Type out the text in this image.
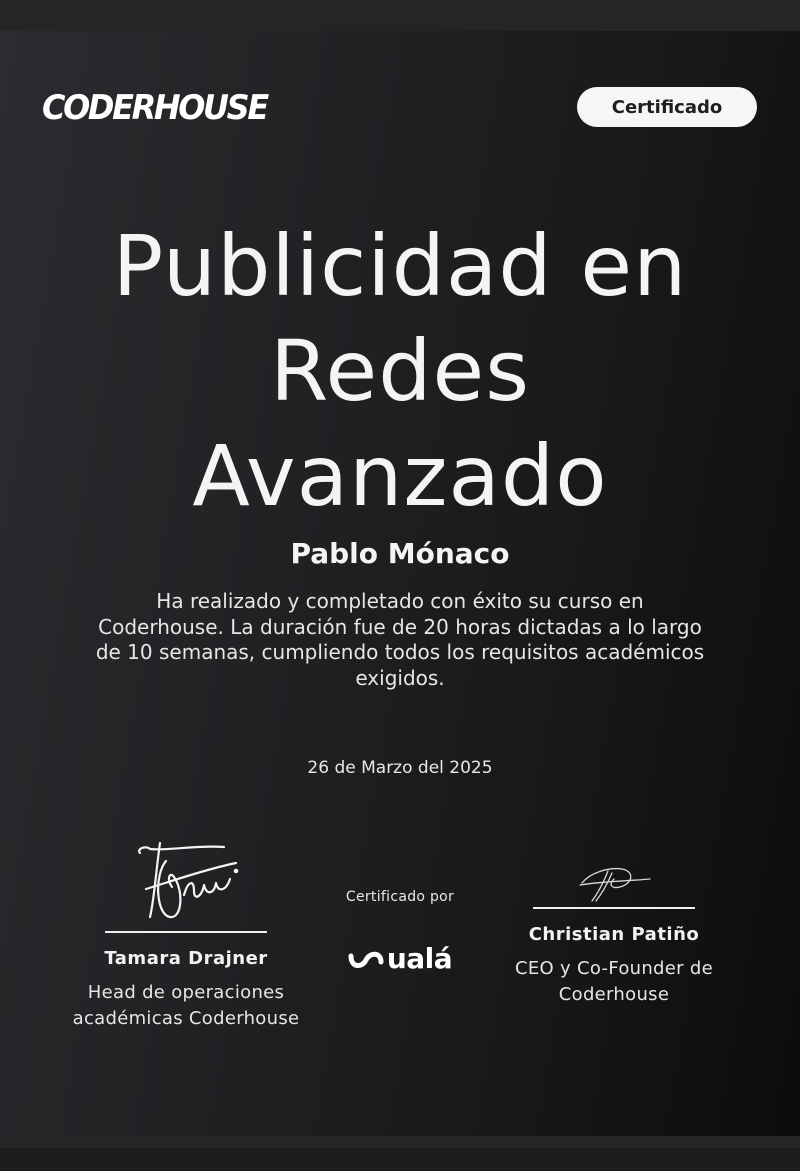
CODERHOUSE	Certificado
Publicidad en Redes Avanzado
Pablo Mónaco
Ha realizado y completado con éxito su curso en Coderhouse. La duración fue de 20 horas dictadas a lo largo de 10 semanas, cumpliendo todos los requisitos académicos exigidos.
26 de Marzo del 2025
Tamara Drajner
Head de operaciones académicas Coderhouse
Certificado por
ualá
Christian Patiño
CEO y Co-Founder de Coderhouse
